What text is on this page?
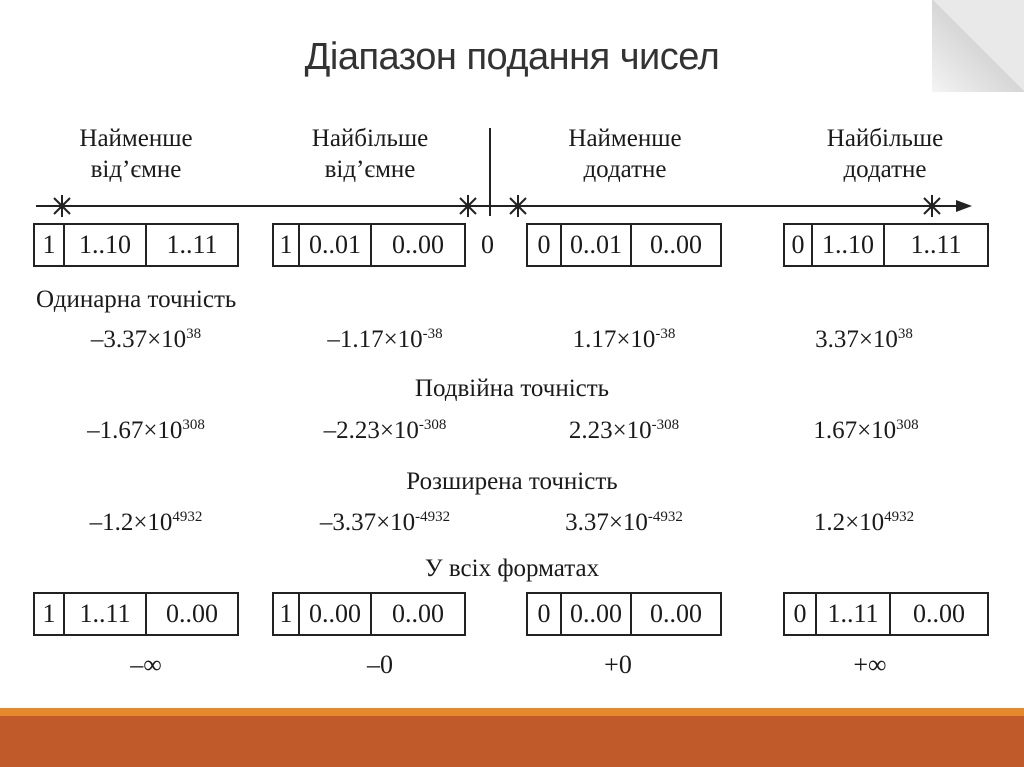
Діапазон подання чисел
Найменше
від’ємне
Найбільше
від’ємне
Найменше
додатне
Найбільше
додатне
1 1..10	1..11	1 0..01	0..00	0	0 0..01	0..00	0 1..10	1..11
Одинарна точність
$-3.37\times 10^{38}$	$-1.17\times 10^{-38}$	$1.17\times 10^{-38}$	$3.37\times 10^{38}$
Подвійна точність
$-1.67\times 10^{308}$	$-2.23\times 10^{-308}$	$2.23\times 10^{-308}$	$1.67\times 10^{308}$
Розширена точність
$-1.2\times 10^{4932}$	$-3.37\times 10^{-4932}$	$3.37\times 10^{-4932}$	$1.2\times 10^{4932}$
У всіх форматах
1 1..11	0..00	1 0..00	0..00	0 0..00	0..00	0 1..11	0..00
–∞	–0	+0	+∞
